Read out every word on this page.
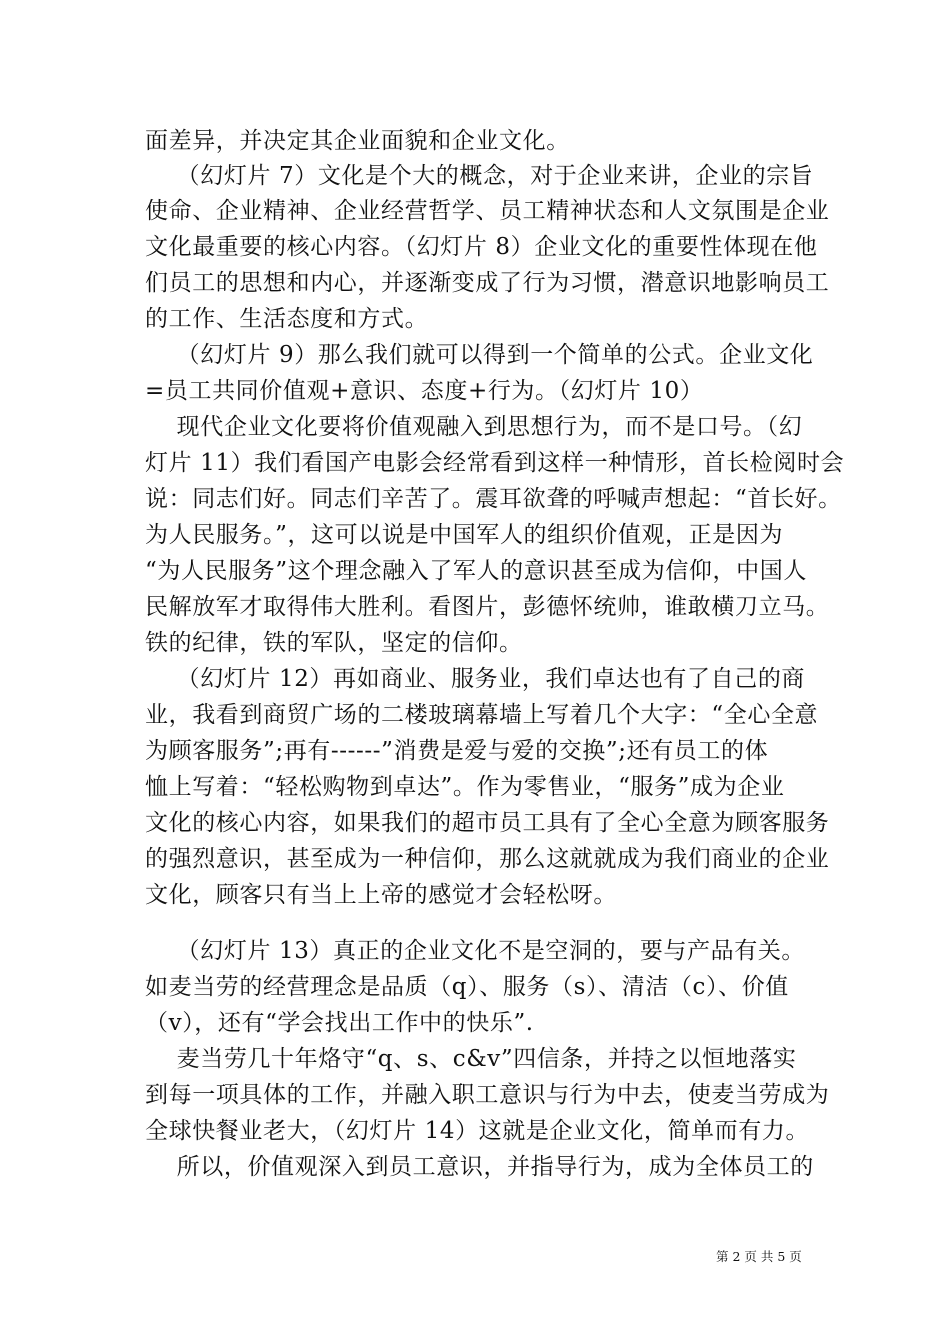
面差异，并决定其企业面貌和企业文化。
（幻灯片 7）文化是个大的概念，对于企业来讲，企业的宗旨
使命、企业精神、企业经营哲学、员工精神状态和人文氛围是企业
文化最重要的核心内容。（幻灯片 8）企业文化的重要性体现在他
们员工的思想和内心，并逐渐变成了行为习惯，潜意识地影响员工
的工作、生活态度和方式。
（幻灯片 9）那么我们就可以得到一个简单的公式。企业文化
=员工共同价值观+意识、态度+行为。（幻灯片 10）
现代企业文化要将价值观融入到思想行为，而不是口号。（幻
灯片 11）我们看国产电影会经常看到这样一种情形，首长检阅时会
说：同志们好。同志们辛苦了。震耳欲聋的呼喊声想起：“首长好。
为人民服务。”，这可以说是中国军人的组织价值观，正是因为
“为人民服务”这个理念融入了军人的意识甚至成为信仰，中国人
民解放军才取得伟大胜利。看图片，彭德怀统帅，谁敢横刀立马。
铁的纪律，铁的军队，坚定的信仰。
（幻灯片 12）再如商业、服务业，我们卓达也有了自己的商
业，我看到商贸广场的二楼玻璃幕墙上写着几个大字：“全心全意
为顾客服务”;再有------”消费是爱与爱的交换”;还有员工的体
恤上写着：“轻松购物到卓达”。作为零售业，“服务”成为企业
文化的核心内容，如果我们的超市员工具有了全心全意为顾客服务
的强烈意识，甚至成为一种信仰，那么这就就成为我们商业的企业
文化，顾客只有当上上帝的感觉才会轻松呀。
（幻灯片 13）真正的企业文化不是空洞的，要与产品有关。
如麦当劳的经营理念是品质（q）、服务（s）、清洁（c）、价值
（v），还有“学会找出工作中的快乐”.
麦当劳几十年烙守“q、s、c&v”四信条，并持之以恒地落实
到每一项具体的工作，并融入职工意识与行为中去，使麦当劳成为
全球快餐业老大，（幻灯片 14）这就是企业文化，简单而有力。
所以，价值观深入到员工意识，并指导行为，成为全体员工的
第 2 页 共 5 页
